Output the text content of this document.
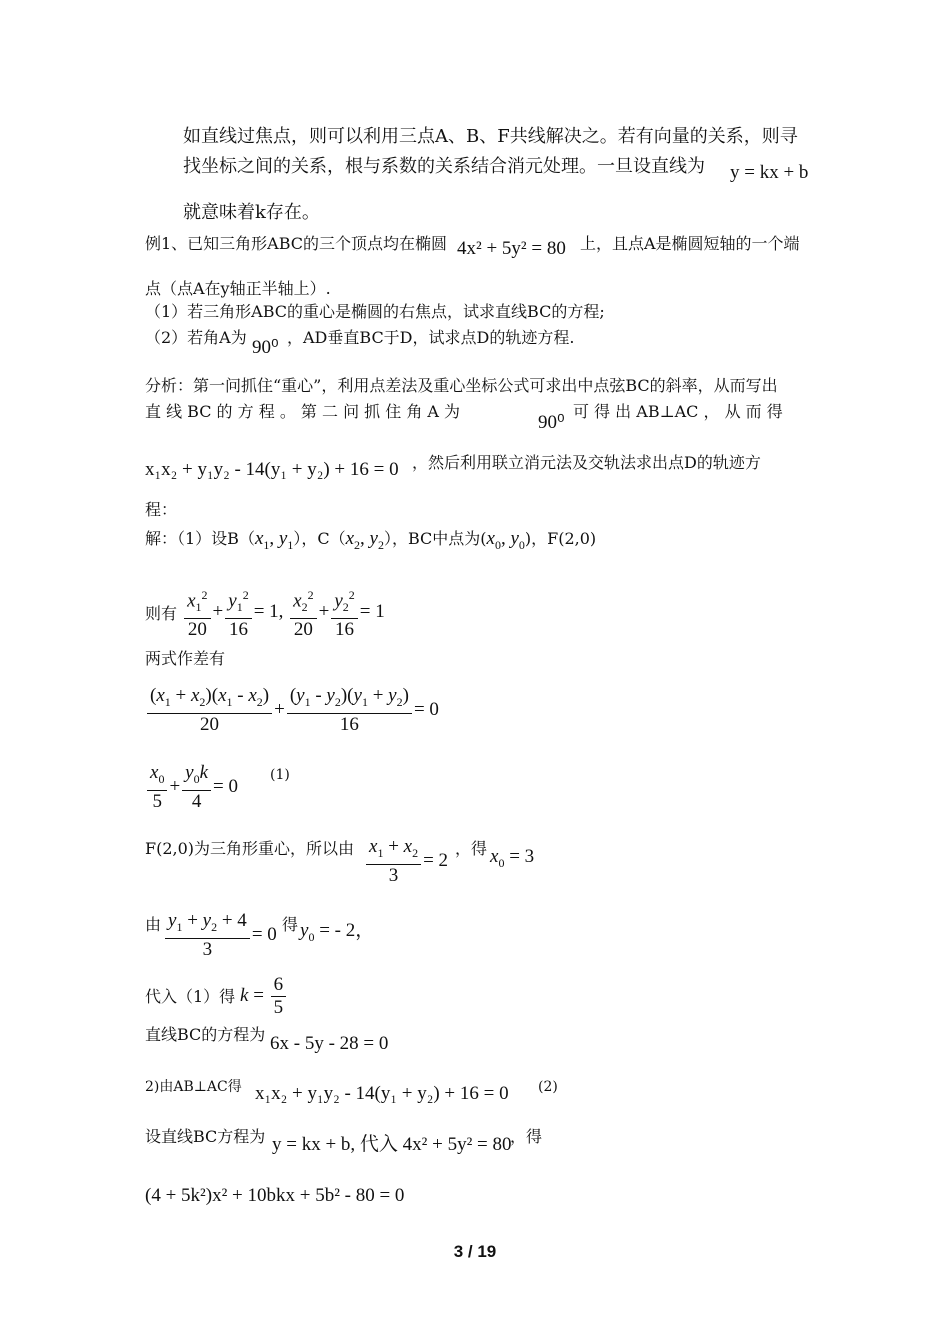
如直线过焦点，则可以利用三点A、B、F共线解决之。若有向量的关系，则寻
找坐标之间的关系，根与系数的关系结合消元处理。一旦设直线为 y = kx + b
就意味着k存在。
例1、已知三角形ABC的三个顶点均在椭圆 4x² + 5y² = 80 上，且点A是椭圆短轴的一个端
点（点A在y轴正半轴上）.
（1）若三角形ABC的重心是椭圆的右焦点，试求直线BC的方程;
（2）若角A为 90⁰ ，AD垂直BC于D，试求点D的轨迹方程.
分析：第一问抓住“重心”，利用点差法及重心坐标公式可求出中点弦BC的斜率，从而写出
直 线 BC 的 方 程 。 第 二 问 抓 住 角 A 为
90⁰
可 得 出 AB⊥AC ， 从 而 得
x₁x₂ + y₁y₂ - 14(y₁ + y₂) + 16 = 0 ，然后利用联立消元法及交轨法求出点D的轨迹方
程：
解：（1）设$B(x_1$, $y_1$），$C(x_2$, $y_2$），BC中点为($x_0$, $y_0$)，F(2,0)
则有 $\frac{x_1^2}{20} + \frac{y_1^2}{16} = 1$, $\frac{x_2^2}{20} + \frac{y_2^2}{16} = 1$
两式作差有
$\frac{(x_1 + x_2)(x_1 - x_2)}{20} + \frac{(y_1 - y_2)(y_1 + y_2)}{16} = 0$
$\frac{x_0}{5} + \frac{y_0k}{4} = 0$
(1)
F(2,0)为三角形重心，所以由 $\frac{x_1 + x_2}{3} = 2$
，得 $x_0 = 3$
由 $\frac{y_1 + y_2 + 4}{3} = 0$ 得 $y_0$ = - 2，
代入（1）得 $k = \frac{6}{5}$
直线BC的方程为 6x - 5y - 28 = 0
2)由AB⊥AC得 x₁x₂ + y₁y₂ - 14(y₁ + y₂) + 16 = 0 (2)
设直线BC方程为 y = kx + b, 代入 4x² + 5y² = 80
，得
(4 + 5k²)x² + 10bkx + 5b² - 80 = 0
3 / 19
